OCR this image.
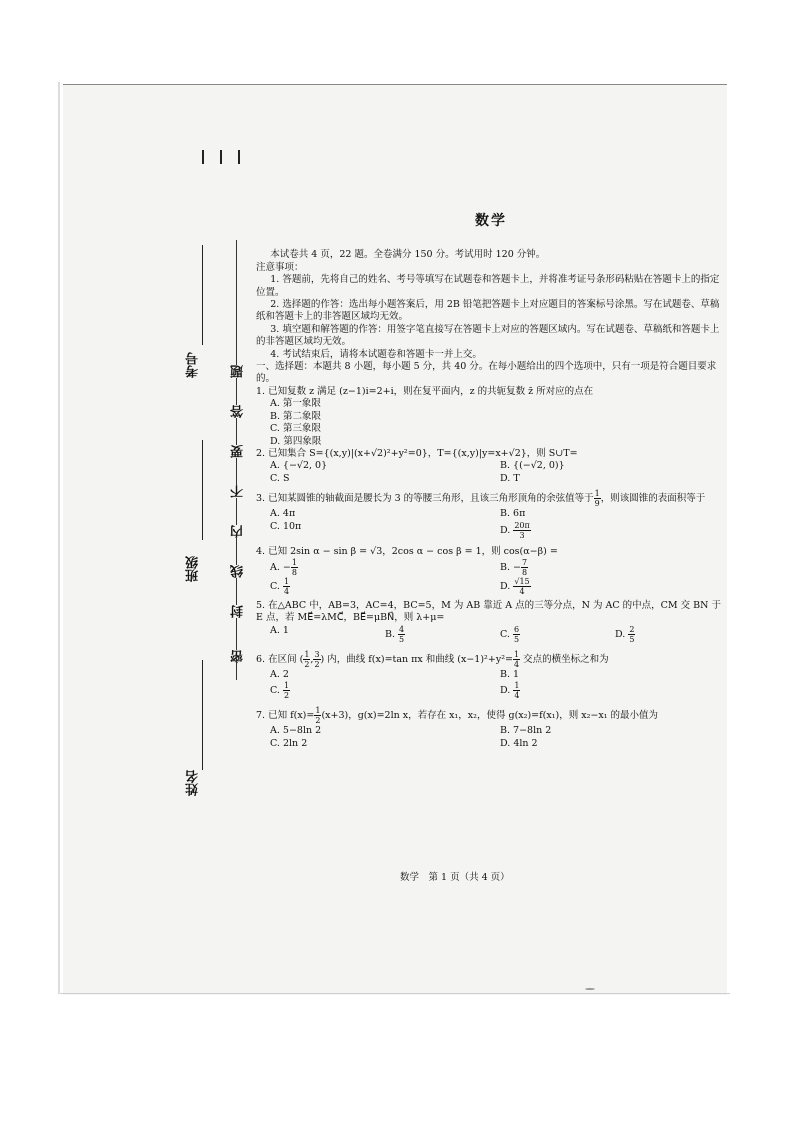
考号
班级
姓名
题
答
要
不
内
线
封
密
数学

本试卷共 4 页，22 题。全卷满分 150 分。考试用时 120 分钟。

注意事项：

1. 答题前，先将自己的姓名、考号等填写在试题卷和答题卡上，并将准考证号条形码粘贴在答题卡上的指定位置。

2. 选择题的作答：选出每小题答案后，用 2B 铅笔把答题卡上对应题目的答案标号涂黑。写在试题卷、草稿纸和答题卡上的非答题区域均无效。

3. 填空题和解答题的作答：用签字笔直接写在答题卡上对应的答题区域内。写在试题卷、草稿纸和答题卡上的非答题区域均无效。

4. 考试结束后，请将本试题卷和答题卡一并上交。

一、选择题：本题共 8 小题，每小题 5 分，共 40 分。在每小题给出的四个选项中，只有一项是符合题目要求的。

1. 已知复数 z 满足 (z−1)i=2+i，则在复平面内，z 的共轭复数 z̄ 所对应的点在

A. 第一象限
B. 第二象限
C. 第三象限
D. 第四象限

2. 已知集合 S={(x,y)|(x+√2)²+y²=0}，T={(x,y)|y=x+√2}，则 S∪T=

A. {−√2, 0}	B. {(−√2, 0)}
C. S	D. T

3. 已知某圆锥的轴截面是腰长为 3 的等腰三角形，且该三角形顶角的余弦值等于 $\frac{1}{9}$ ，则该圆锥的表面积等于

A. 4π	B. 6π
C. 10π	D. $\frac{20\pi}{3}$

4. 已知 2sin α − sin β = √3，2cos α − cos β = 1，则 cos(α−β) =

A. − $\frac{1}{8}$	B. − $\frac{7}{8}$
C. $\frac{1}{4}$	D. $\frac{√15}{4}$

5. 在△ABC 中，AB=3，AC=4，BC=5，M 为 AB 靠近 A 点的三等分点，N 为 AC 的中点，CM 交 BN 于 E 点，若 ME⃗=λMC⃗，BE⃗=μBN⃗，则 λ+μ=

A. 1	B. $\frac{4}{5}$	C. $\frac{6}{5}$	D. $\frac{2}{5}$

6. 在区间 ( $\frac{1}{2}$ , $\frac{3}{2}$ ) 内，曲线 f(x)=tan πx 和曲线 $(x-1)^2+y^2= \frac{1}{4}$ 交点的横坐标之和为

A. 2	B. 1
C. $\frac{1}{2}$	D. $\frac{1}{4}$

7. 已知 $f(x)= \frac{1}{2} (x+3)$，g(x)=2ln x，若存在 x₁，x₂，使得 g(x₂)=f(x₁)，则 x₂−x₁ 的最小值为

A. 5−8ln 2	B. 7−8ln 2
C. 2ln 2	D. 4ln 2
数学　第 1 页（共 4 页）
